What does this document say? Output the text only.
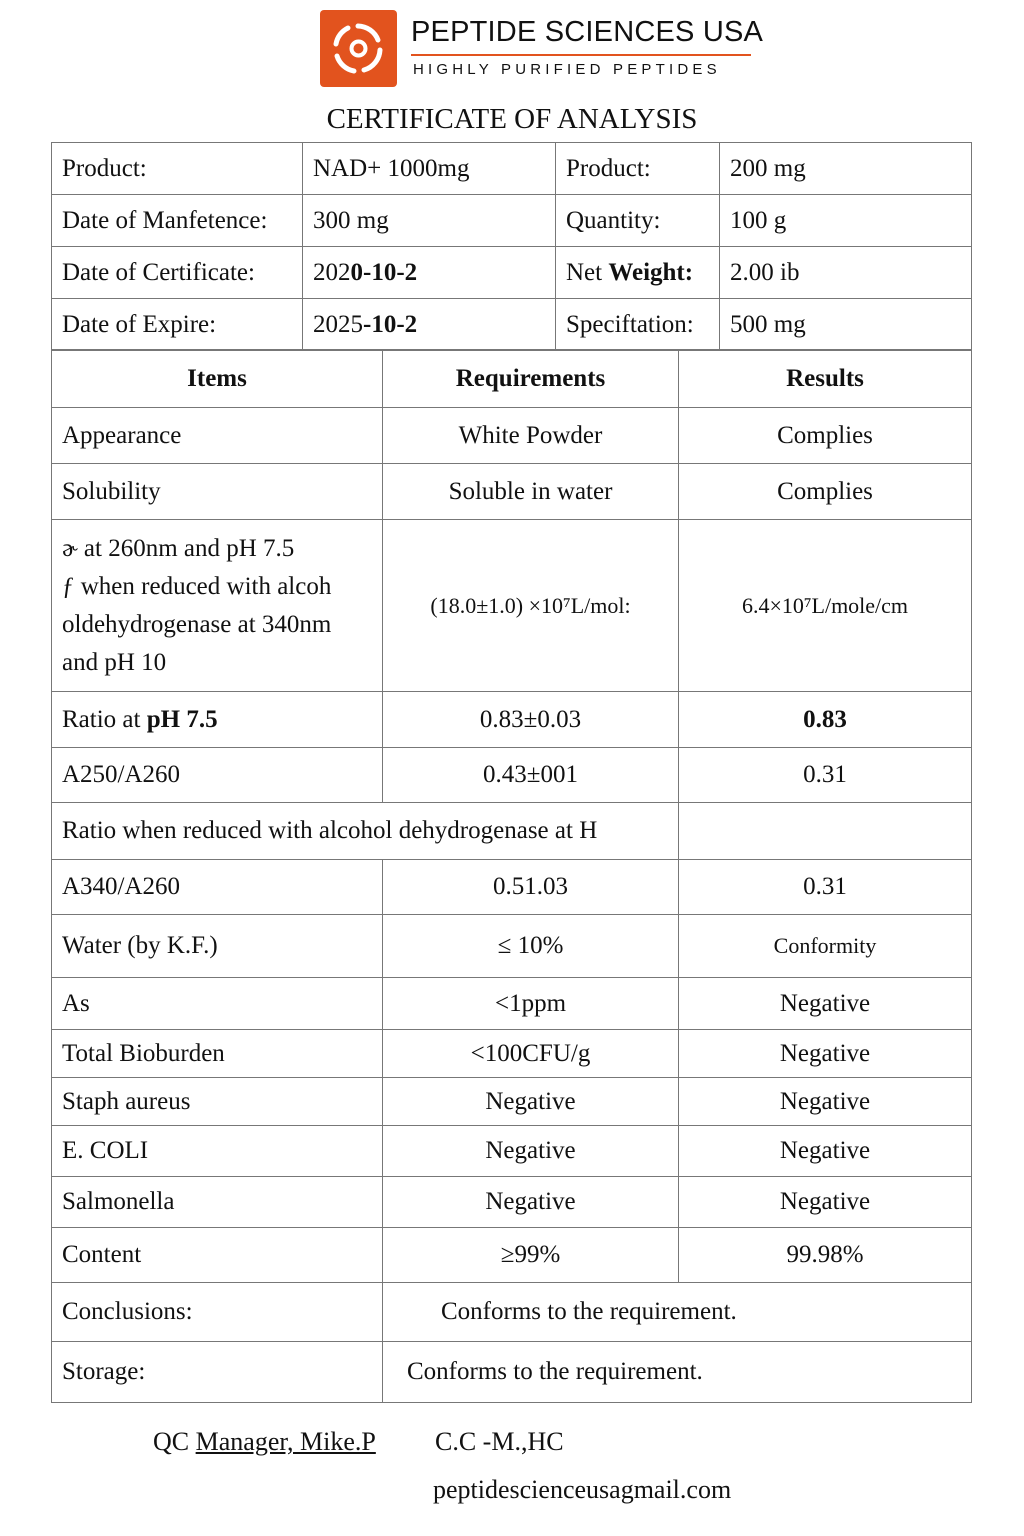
PEPTIDE SCIENCES USA
HIGHLY PURIFIED PEPTIDES
CERTIFICATE OF ANALYSIS
Product:	NAD+ 1000mg	Product:	200 mg
Date of Manfetence:	300 mg	Quantity:	100 g
Date of Certificate:	2020-10-2	Net Weight:	2.00 ib
Date of Expire:	2025-10-2	Speciftation:	500 mg
Items	Requirements	Results
Appearance	White Powder	Complies
Solubility	Soluble in water	Complies

ɚ at 260nm and pH 7.5
ƒ when reduced with alcoh
oldehydrogenase at 340nm
and pH 10	(18.0±1.0) ×10⁷L/mol:	6.4×10⁷L/mole/cm
Ratio at pH 7.5	0.83±0.03	0.83
A250/A260	0.43±001	0.31
Ratio when reduced with alcohol dehydrogenase at H		
A340/A260	0.51.03	0.31
Water (by K.F.)	≤ 10%	Conformity
As	<1ppm	Negative
Total Bioburden	<100CFU/g	Negative
Staph aureus	Negative	Negative
E. COLI	Negative	Negative
Salmonella	Negative	Negative
Content	≥99%	99.98%
Conclusions:	Conforms to the requirement.	
Storage:	Conforms to the requirement.	
QC Manager, Mike.P C.C -M.,HC
peptidescienceusagmail.com
